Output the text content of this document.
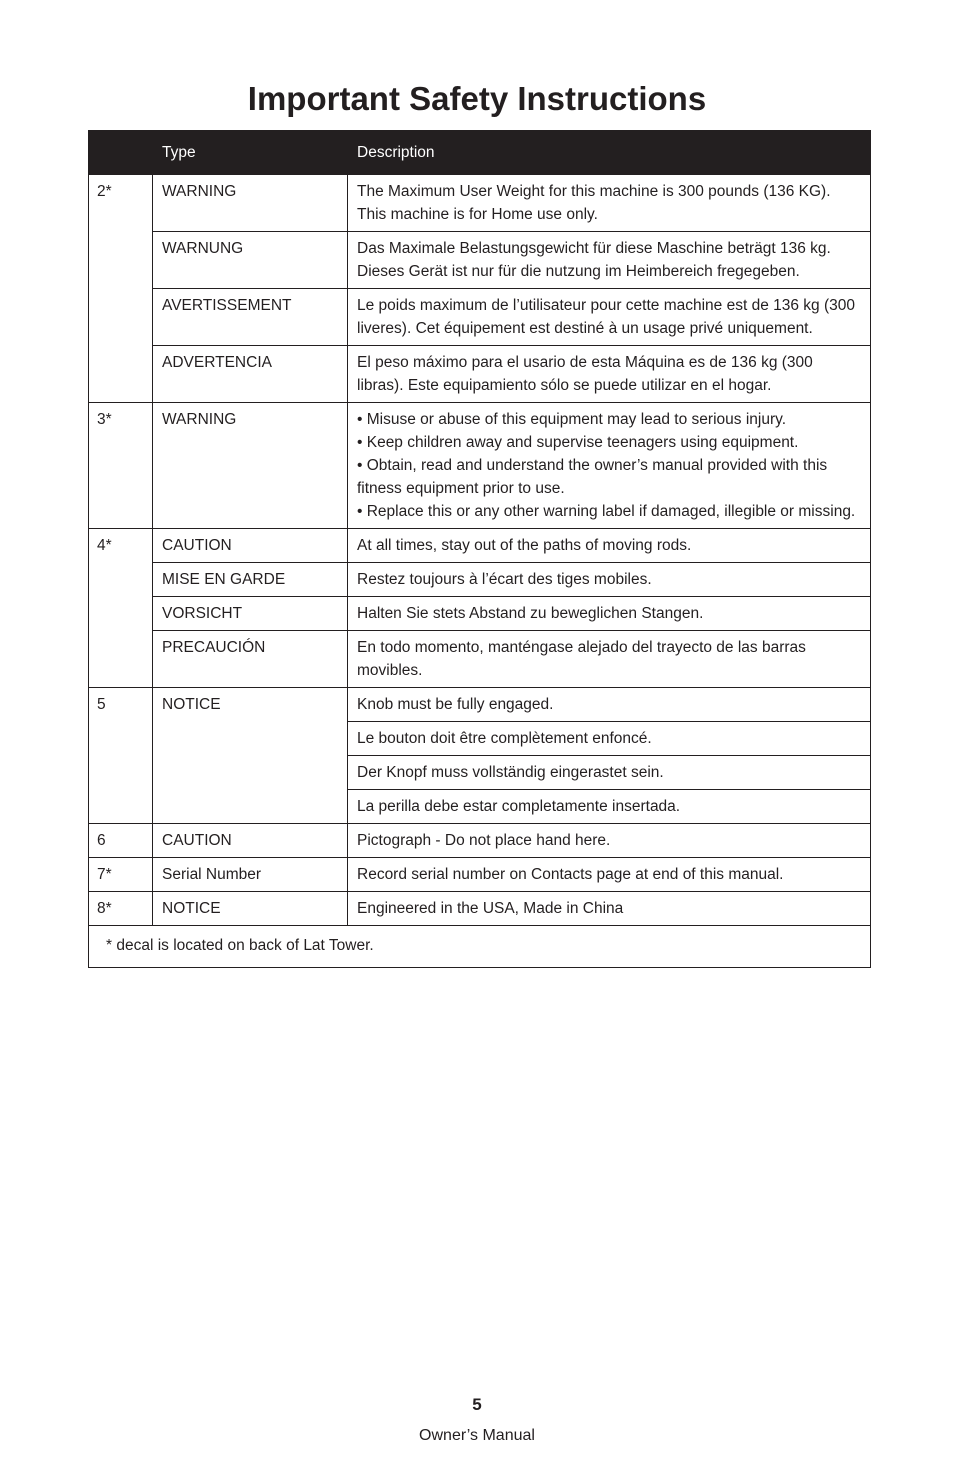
Important Safety Instructions
	Type	Description
2*	WARNING	The Maximum User Weight for this machine is 300 pounds (136 KG). This machine is for Home use only.

	WARNUNG	Das Maximale Belastungsgewicht für diese Maschine beträgt 136 kg. Dieses Gerät ist nur für die nutzung im Heimbereich fregegeben.

	AVERTISSEMENT	Le poids maximum de l’utilisateur pour cette machine est de 136 kg (300 liveres). Cet équipement est destiné à un usage privé uniquement.

	ADVERTENCIA	El peso máximo para el usario de esta Máquina es de 136 kg (300 libras). Este equipamiento sólo se puede utilizar en el hogar.

3*	WARNING	• Misuse or abuse of this equipment may lead to serious injury.
• Keep children away and supervise teenagers using equipment.
• Obtain, read and understand the owner’s manual provided with this fitness equipment prior to use.
• Replace this or any other warning label if damaged, illegible or missing.

4*	CAUTION	At all times, stay out of the paths of moving rods.

	MISE EN GARDE	Restez toujours à l’écart des tiges mobiles.

	VORSICHT	Halten Sie stets Abstand zu beweglichen Stangen.

	PRECAUCIÓN	En todo momento, manténgase alejado del trayecto de las barras movibles.

5	NOTICE	Knob must be fully engaged.

		Le bouton doit être complètement enfoncé.

		Der Knopf muss vollständig eingerastet sein.

		La perilla debe estar completamente insertada.

6	CAUTION	Pictograph - Do not place hand here.

7*	Serial Number	Record serial number on Contacts page at end of this manual.

8*	NOTICE	Engineered in the USA, Made in China

* decal is located on back of Lat Tower.		
5
Owner’s Manual
